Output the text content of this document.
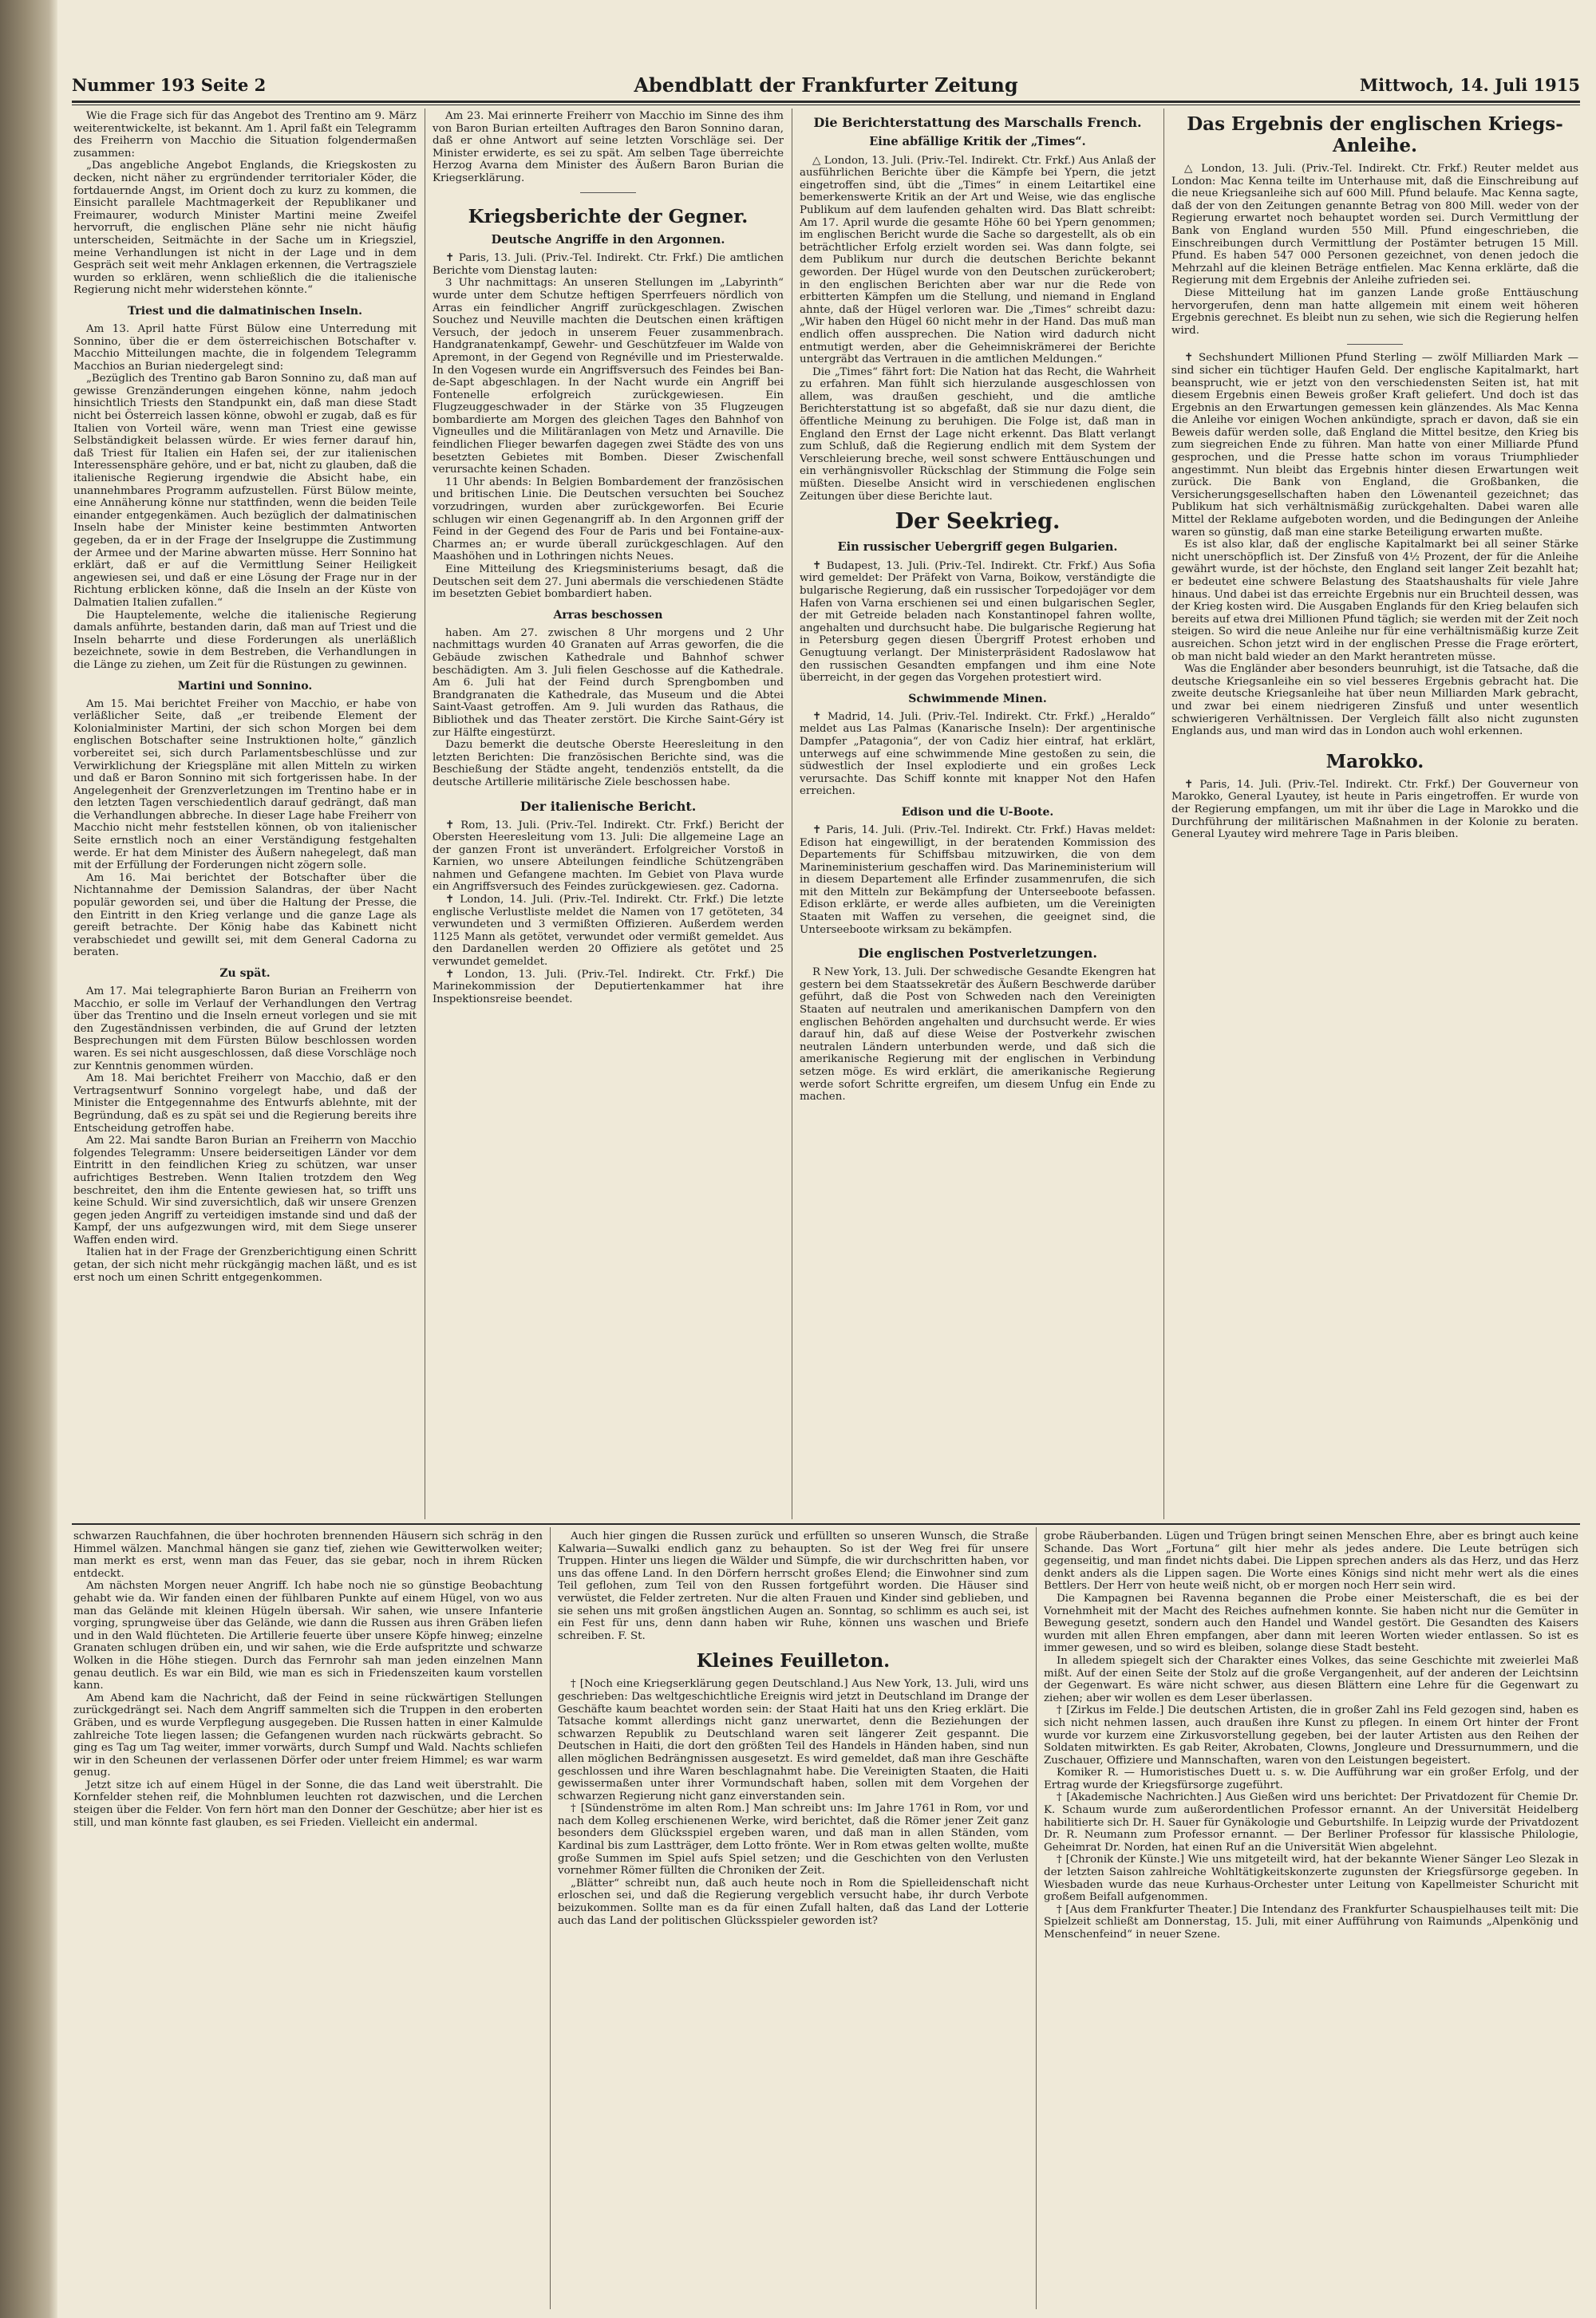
Nummer 193 Seite 2	Abendblatt der Frankfurter Zeitung	Mittwoch, 14. Juli 1915

Wie die Frage sich für das Angebot des Trentino am 9. März weiterentwickelte, ist bekannt. Am 1. April faßt ein Telegramm des Freiherrn von Macchio die Situation folgendermaßen zusammen:

„Das angebliche Angebot Englands, die Kriegskosten zu decken, nicht näher zu ergründender territorialer Köder, die fortdauernde Angst, im Orient doch zu kurz zu kommen, die Einsicht parallele Machtmagerkeit der Republikaner und Freimaurer, wodurch Minister Martini meine Zweifel hervorruft, die englischen Pläne sehr nie nicht häufig unterscheiden, Seitmächte in der Sache um in Kriegsziel, meine Verhandlungen ist nicht in der Lage und in dem Gespräch seit weit mehr Anklagen erkennen, die Vertragsziele wurden so erklären, wenn schließlich die die italienische Regierung nicht mehr widerstehen könnte.“

Triest und die dalmatinischen Inseln.

Am 13. April hatte Fürst Bülow eine Unterredung mit Sonnino, über die er dem österreichischen Botschafter v. Macchio Mitteilungen machte, die in folgendem Telegramm Macchios an Burian niedergelegt sind:

„Bezüglich des Trentino gab Baron Sonnino zu, daß man auf gewisse Grenzänderungen eingehen könne, nahm jedoch hinsichtlich Triests den Standpunkt ein, daß man diese Stadt nicht bei Österreich lassen könne, obwohl er zugab, daß es für Italien von Vorteil wäre, wenn man Triest eine gewisse Selbständigkeit belassen würde. Er wies ferner darauf hin, daß Triest für Italien ein Hafen sei, der zur italienischen Interessensphäre gehöre, und er bat, nicht zu glauben, daß die italienische Regierung irgendwie die Absicht habe, ein unannehmbares Programm aufzustellen. Fürst Bülow meinte, eine Annäherung könne nur stattfinden, wenn die beiden Teile einander entgegenkämen. Auch bezüglich der dalmatinischen Inseln habe der Minister keine bestimmten Antworten gegeben, da er in der Frage der Inselgruppe die Zustimmung der Armee und der Marine abwarten müsse. Herr Sonnino hat erklärt, daß er auf die Vermittlung Seiner Heiligkeit angewiesen sei, und daß er eine Lösung der Frage nur in der Richtung erblicken könne, daß die Inseln an der Küste von Dalmatien Italien zufallen.“

Die Hauptelemente, welche die italienische Regierung damals anführte, bestanden darin, daß man auf Triest und die Inseln beharrte und diese Forderungen als unerläßlich bezeichnete, sowie in dem Bestreben, die Verhandlungen in die Länge zu ziehen, um Zeit für die Rüstungen zu gewinnen.

Martini und Sonnino.

Am 15. Mai berichtet Freiher von Macchio, er habe von verläßlicher Seite, daß „er treibende Element der Kolonialminister Martini, der sich schon Morgen bei dem englischen Botschafter seine Instruktionen holte,“ gänzlich vorbereitet sei, sich durch Parlamentsbeschlüsse und zur Verwirklichung der Kriegspläne mit allen Mitteln zu wirken und daß er Baron Sonnino mit sich fortgerissen habe. In der Angelegenheit der Grenzverletzungen im Trentino habe er in den letzten Tagen verschiedentlich darauf gedrängt, daß man die Verhandlungen abbreche. In dieser Lage habe Freiherr von Macchio nicht mehr feststellen können, ob von italienischer Seite ernstlich noch an einer Verständigung festgehalten werde. Er hat dem Minister des Äußern nahegelegt, daß man mit der Erfüllung der Forderungen nicht zögern solle.

Am 16. Mai berichtet der Botschafter über die Nichtannahme der Demission Salandras, der über Nacht populär geworden sei, und über die Haltung der Presse, die den Eintritt in den Krieg verlange und die ganze Lage als gereift betrachte. Der König habe das Kabinett nicht verabschiedet und gewillt sei, mit dem General Cadorna zu beraten.

Zu spät.

Am 17. Mai telegraphierte Baron Burian an Freiherrn von Macchio, er solle im Verlauf der Verhandlungen den Vertrag über das Trentino und die Inseln erneut vorlegen und sie mit den Zugeständnissen verbinden, die auf Grund der letzten Besprechungen mit dem Fürsten Bülow beschlossen worden waren. Es sei nicht ausgeschlossen, daß diese Vorschläge noch zur Kenntnis genommen würden.

Am 18. Mai berichtet Freiherr von Macchio, daß er den Vertragsentwurf Sonnino vorgelegt habe, und daß der Minister die Entgegennahme des Entwurfs ablehnte, mit der Begründung, daß es zu spät sei und die Regierung bereits ihre Entscheidung getroffen habe.

Am 22. Mai sandte Baron Burian an Freiherrn von Macchio folgendes Telegramm: Unsere beiderseitigen Länder vor dem Eintritt in den feindlichen Krieg zu schützen, war unser aufrichtiges Bestreben. Wenn Italien trotzdem den Weg beschreitet, den ihm die Entente gewiesen hat, so trifft uns keine Schuld. Wir sind zuversichtlich, daß wir unsere Grenzen gegen jeden Angriff zu verteidigen imstande sind und daß der Kampf, der uns aufgezwungen wird, mit dem Siege unserer Waffen enden wird.

Italien hat in der Frage der Grenzberichtigung einen Schritt getan, der sich nicht mehr rückgängig machen läßt, und es ist erst noch um einen Schritt entgegenkommen.

Am 23. Mai erinnerte Freiherr von Macchio im Sinne des ihm von Baron Burian erteilten Auftrages den Baron Sonnino daran, daß er ohne Antwort auf seine letzten Vorschläge sei. Der Minister erwiderte, es sei zu spät. Am selben Tage überreichte Herzog Avarna dem Minister des Äußern Baron Burian die Kriegserklärung.

Kriegsberichte der Gegner.
Deutsche Angriffe in den Argonnen.

✝ Paris, 13. Juli. (Priv.-Tel. Indirekt. Ctr. Frkf.) Die amtlichen Berichte vom Dienstag lauten:

3 Uhr nachmittags: An unseren Stellungen im „Labyrinth“ wurde unter dem Schutze heftigen Sperrfeuers nördlich von Arras ein feindlicher Angriff zurückgeschlagen. Zwischen Souchez und Neuville machten die Deutschen einen kräftigen Versuch, der jedoch in unserem Feuer zusammenbrach. Handgranatenkampf, Gewehr- und Geschützfeuer im Walde von Apremont, in der Gegend von Regnéville und im Priesterwalde. In den Vogesen wurde ein Angriffsversuch des Feindes bei Ban-de-Sapt abgeschlagen. In der Nacht wurde ein Angriff bei Fontenelle erfolgreich zurückgewiesen. Ein Flugzeuggeschwader in der Stärke von 35 Flugzeugen bombardierte am Morgen des gleichen Tages den Bahnhof von Vigneulles und die Militäranlagen von Metz und Arnaville. Die feindlichen Flieger bewarfen dagegen zwei Städte des von uns besetzten Gebietes mit Bomben. Dieser Zwischenfall verursachte keinen Schaden.

11 Uhr abends: In Belgien Bombardement der französischen und britischen Linie. Die Deutschen versuchten bei Souchez vorzudringen, wurden aber zurückgeworfen. Bei Ecurie schlugen wir einen Gegenangriff ab. In den Argonnen griff der Feind in der Gegend des Four de Paris und bei Fontaine-aux-Charmes an; er wurde überall zurückgeschlagen. Auf den Maashöhen und in Lothringen nichts Neues.

Eine Mitteilung des Kriegsministeriums besagt, daß die Deutschen seit dem 27. Juni abermals die verschiedenen Städte im besetzten Gebiet bombardiert haben.

Arras beschossen

haben. Am 27. zwischen 8 Uhr morgens und 2 Uhr nachmittags wurden 40 Granaten auf Arras geworfen, die die Gebäude zwischen Kathedrale und Bahnhof schwer beschädigten. Am 3. Juli fielen Geschosse auf die Kathedrale. Am 6. Juli hat der Feind durch Sprengbomben und Brandgranaten die Kathedrale, das Museum und die Abtei Saint-Vaast getroffen. Am 9. Juli wurden das Rathaus, die Bibliothek und das Theater zerstört. Die Kirche Saint-Géry ist zur Hälfte eingestürzt.

Dazu bemerkt die deutsche Oberste Heeresleitung in den letzten Berichten: Die französischen Berichte sind, was die Beschießung der Städte angeht, tendenziös entstellt, da die deutsche Artillerie militärische Ziele beschossen habe.

Der italienische Bericht.

✝ Rom, 13. Juli. (Priv.-Tel. Indirekt. Ctr. Frkf.) Bericht der Obersten Heeresleitung vom 13. Juli: Die allgemeine Lage an der ganzen Front ist unverändert. Erfolgreicher Vorstoß in Karnien, wo unsere Abteilungen feindliche Schützengräben nahmen und Gefangene machten. Im Gebiet von Plava wurde ein Angriffsversuch des Feindes zurückgewiesen. gez. Cadorna.

✝ London, 14. Juli. (Priv.-Tel. Indirekt. Ctr. Frkf.) Die letzte englische Verlustliste meldet die Namen von 17 getöteten, 34 verwundeten und 3 vermißten Offizieren. Außerdem werden 1125 Mann als getötet, verwundet oder vermißt gemeldet. Aus den Dardanellen werden 20 Offiziere als getötet und 25 verwundet gemeldet.

✝ London, 13. Juli. (Priv.-Tel. Indirekt. Ctr. Frkf.) Die Marinekommission der Deputiertenkammer hat ihre Inspektionsreise beendet.

Die Berichterstattung des Marschalls French.
Eine abfällige Kritik der „Times“.

△ London, 13. Juli. (Priv.-Tel. Indirekt. Ctr. Frkf.) Aus Anlaß der ausführlichen Berichte über die Kämpfe bei Ypern, die jetzt eingetroffen sind, übt die „Times“ in einem Leitartikel eine bemerkenswerte Kritik an der Art und Weise, wie das englische Publikum auf dem laufenden gehalten wird. Das Blatt schreibt: Am 17. April wurde die gesamte Höhe 60 bei Ypern genommen; im englischen Bericht wurde die Sache so dargestellt, als ob ein beträchtlicher Erfolg erzielt worden sei. Was dann folgte, sei dem Publikum nur durch die deutschen Berichte bekannt geworden. Der Hügel wurde von den Deutschen zurückerobert; in den englischen Berichten aber war nur die Rede von erbitterten Kämpfen um die Stellung, und niemand in England ahnte, daß der Hügel verloren war. Die „Times“ schreibt dazu: „Wir haben den Hügel 60 nicht mehr in der Hand. Das muß man endlich offen aussprechen. Die Nation wird dadurch nicht entmutigt werden, aber die Geheimniskrämerei der Berichte untergräbt das Vertrauen in die amtlichen Meldungen.“

Die „Times“ fährt fort: Die Nation hat das Recht, die Wahrheit zu erfahren. Man fühlt sich hierzulande ausgeschlossen von allem, was draußen geschieht, und die amtliche Berichterstattung ist so abgefaßt, daß sie nur dazu dient, die öffentliche Meinung zu beruhigen. Die Folge ist, daß man in England den Ernst der Lage nicht erkennt. Das Blatt verlangt zum Schluß, daß die Regierung endlich mit dem System der Verschleierung breche, weil sonst schwere Enttäuschungen und ein verhängnisvoller Rückschlag der Stimmung die Folge sein müßten. Dieselbe Ansicht wird in verschiedenen englischen Zeitungen über diese Berichte laut.

Der Seekrieg.
Ein russischer Uebergriff gegen Bulgarien.

✝ Budapest, 13. Juli. (Priv.-Tel. Indirekt. Ctr. Frkf.) Aus Sofia wird gemeldet: Der Präfekt von Varna, Boikow, verständigte die bulgarische Regierung, daß ein russischer Torpedojäger vor dem Hafen von Varna erschienen sei und einen bulgarischen Segler, der mit Getreide beladen nach Konstantinopel fahren wollte, angehalten und durchsucht habe. Die bulgarische Regierung hat in Petersburg gegen diesen Übergriff Protest erhoben und Genugtuung verlangt. Der Ministerpräsident Radoslawow hat den russischen Gesandten empfangen und ihm eine Note überreicht, in der gegen das Vorgehen protestiert wird.

Schwimmende Minen.

✝ Madrid, 14. Juli. (Priv.-Tel. Indirekt. Ctr. Frkf.) „Heraldo“ meldet aus Las Palmas (Kanarische Inseln): Der argentinische Dampfer „Patagonia“, der von Cadiz hier eintraf, hat erklärt, unterwegs auf eine schwimmende Mine gestoßen zu sein, die südwestlich der Insel explodierte und ein großes Leck verursachte. Das Schiff konnte mit knapper Not den Hafen erreichen.

Edison und die U-Boote.

✝ Paris, 14. Juli. (Priv.-Tel. Indirekt. Ctr. Frkf.) Havas meldet: Edison hat eingewilligt, in der beratenden Kommission des Departements für Schiffsbau mitzuwirken, die von dem Marineministerium geschaffen wird. Das Marineministerium will in diesem Departement alle Erfinder zusammenrufen, die sich mit den Mitteln zur Bekämpfung der Unterseeboote befassen. Edison erklärte, er werde alles aufbieten, um die Vereinigten Staaten mit Waffen zu versehen, die geeignet sind, die Unterseeboote wirksam zu bekämpfen.

Die englischen Postverletzungen.

R New York, 13. Juli. Der schwedische Gesandte Ekengren hat gestern bei dem Staatssekretär des Äußern Beschwerde darüber geführt, daß die Post von Schweden nach den Vereinigten Staaten auf neutralen und amerikanischen Dampfern von den englischen Behörden angehalten und durchsucht werde. Er wies darauf hin, daß auf diese Weise der Postverkehr zwischen neutralen Ländern unterbunden werde, und daß sich die amerikanische Regierung mit der englischen in Verbindung setzen möge. Es wird erklärt, die amerikanische Regierung werde sofort Schritte ergreifen, um diesem Unfug ein Ende zu machen.

Das Ergebnis der englischen Kriegs-Anleihe.

△ London, 13. Juli. (Priv.-Tel. Indirekt. Ctr. Frkf.) Reuter meldet aus London: Mac Kenna teilte im Unterhause mit, daß die Einschreibung auf die neue Kriegsanleihe sich auf 600 Mill. Pfund belaufe. Mac Kenna sagte, daß der von den Zeitungen genannte Betrag von 800 Mill. weder von der Regierung erwartet noch behauptet worden sei. Durch Vermittlung der Bank von England wurden 550 Mill. Pfund eingeschrieben, die Einschreibungen durch Vermittlung der Postämter betrugen 15 Mill. Pfund. Es haben 547 000 Personen gezeichnet, von denen jedoch die Mehrzahl auf die kleinen Beträge entfielen. Mac Kenna erklärte, daß die Regierung mit dem Ergebnis der Anleihe zufrieden sei.

Diese Mitteilung hat im ganzen Lande große Enttäuschung hervorgerufen, denn man hatte allgemein mit einem weit höheren Ergebnis gerechnet. Es bleibt nun zu sehen, wie sich die Regierung helfen wird.

✝ Sechshundert Millionen Pfund Sterling — zwölf Milliarden Mark — sind sicher ein tüchtiger Haufen Geld. Der englische Kapitalmarkt, hart beansprucht, wie er jetzt von den verschiedensten Seiten ist, hat mit diesem Ergebnis einen Beweis großer Kraft geliefert. Und doch ist das Ergebnis an den Erwartungen gemessen kein glänzendes. Als Mac Kenna die Anleihe vor einigen Wochen ankündigte, sprach er davon, daß sie ein Beweis dafür werden solle, daß England die Mittel besitze, den Krieg bis zum siegreichen Ende zu führen. Man hatte von einer Milliarde Pfund gesprochen, und die Presse hatte schon im voraus Triumphlieder angestimmt. Nun bleibt das Ergebnis hinter diesen Erwartungen weit zurück. Die Bank von England, die Großbanken, die Versicherungsgesellschaften haben den Löwenanteil gezeichnet; das Publikum hat sich verhältnismäßig zurückgehalten. Dabei waren alle Mittel der Reklame aufgeboten worden, und die Bedingungen der Anleihe waren so günstig, daß man eine starke Beteiligung erwarten mußte.

Es ist also klar, daß der englische Kapitalmarkt bei all seiner Stärke nicht unerschöpflich ist. Der Zinsfuß von 4½ Prozent, der für die Anleihe gewährt wurde, ist der höchste, den England seit langer Zeit bezahlt hat; er bedeutet eine schwere Belastung des Staatshaushalts für viele Jahre hinaus. Und dabei ist das erreichte Ergebnis nur ein Bruchteil dessen, was der Krieg kosten wird. Die Ausgaben Englands für den Krieg belaufen sich bereits auf etwa drei Millionen Pfund täglich; sie werden mit der Zeit noch steigen. So wird die neue Anleihe nur für eine verhältnismäßig kurze Zeit ausreichen. Schon jetzt wird in der englischen Presse die Frage erörtert, ob man nicht bald wieder an den Markt herantreten müsse.

Was die Engländer aber besonders beunruhigt, ist die Tatsache, daß die deutsche Kriegsanleihe ein so viel besseres Ergebnis gebracht hat. Die zweite deutsche Kriegsanleihe hat über neun Milliarden Mark gebracht, und zwar bei einem niedrigeren Zinsfuß und unter wesentlich schwierigeren Verhältnissen. Der Vergleich fällt also nicht zugunsten Englands aus, und man wird das in London auch wohl erkennen.

Marokko.

✝ Paris, 14. Juli. (Priv.-Tel. Indirekt. Ctr. Frkf.) Der Gouverneur von Marokko, General Lyautey, ist heute in Paris eingetroffen. Er wurde von der Regierung empfangen, um mit ihr über die Lage in Marokko und die Durchführung der militärischen Maßnahmen in der Kolonie zu beraten. General Lyautey wird mehrere Tage in Paris bleiben.

schwarzen Rauchfahnen, die über hochroten brennenden Häusern sich schräg in den Himmel wälzen. Manchmal hängen sie ganz tief, ziehen wie Gewitterwolken weiter; man merkt es erst, wenn man das Feuer, das sie gebar, noch in ihrem Rücken entdeckt.

Am nächsten Morgen neuer Angriff. Ich habe noch nie so günstige Beobachtung gehabt wie da. Wir fanden einen der fühlbaren Punkte auf einem Hügel, von wo aus man das Gelände mit kleinen Hügeln übersah. Wir sahen, wie unsere Infanterie vorging, sprungweise über das Gelände, wie dann die Russen aus ihren Gräben liefen und in den Wald flüchteten. Die Artillerie feuerte über unsere Köpfe hinweg; einzelne Granaten schlugen drüben ein, und wir sahen, wie die Erde aufspritzte und schwarze Wolken in die Höhe stiegen. Durch das Fernrohr sah man jeden einzelnen Mann genau deutlich. Es war ein Bild, wie man es sich in Friedenszeiten kaum vorstellen kann.

Am Abend kam die Nachricht, daß der Feind in seine rückwärtigen Stellungen zurückgedrängt sei. Nach dem Angriff sammelten sich die Truppen in den eroberten Gräben, und es wurde Verpflegung ausgegeben. Die Russen hatten in einer Kalmulde zahlreiche Tote liegen lassen; die Gefangenen wurden nach rückwärts gebracht. So ging es Tag um Tag weiter, immer vorwärts, durch Sumpf und Wald. Nachts schliefen wir in den Scheunen der verlassenen Dörfer oder unter freiem Himmel; es war warm genug.

Jetzt sitze ich auf einem Hügel in der Sonne, die das Land weit überstrahlt. Die Kornfelder stehen reif, die Mohnblumen leuchten rot dazwischen, und die Lerchen steigen über die Felder. Von fern hört man den Donner der Geschütze; aber hier ist es still, und man könnte fast glauben, es sei Frieden. Vielleicht ein andermal.

Auch hier gingen die Russen zurück und erfüllten so unseren Wunsch, die Straße Kalwaria—Suwalki endlich ganz zu behaupten. So ist der Weg frei für unsere Truppen. Hinter uns liegen die Wälder und Sümpfe, die wir durchschritten haben, vor uns das offene Land. In den Dörfern herrscht großes Elend; die Einwohner sind zum Teil geflohen, zum Teil von den Russen fortgeführt worden. Die Häuser sind verwüstet, die Felder zertreten. Nur die alten Frauen und Kinder sind geblieben, und sie sehen uns mit großen ängstlichen Augen an. Sonntag, so schlimm es auch sei, ist ein Fest für uns, denn dann haben wir Ruhe, können uns waschen und Briefe schreiben. F. St.

Kleines Feuilleton.

† [Noch eine Kriegserklärung gegen Deutschland.] Aus New York, 13. Juli, wird uns geschrieben: Das weltgeschichtliche Ereignis wird jetzt in Deutschland im Drange der Geschäfte kaum beachtet worden sein: der Staat Haiti hat uns den Krieg erklärt. Die Tatsache kommt allerdings nicht ganz unerwartet, denn die Beziehungen der schwarzen Republik zu Deutschland waren seit längerer Zeit gespannt. Die Deutschen in Haiti, die dort den größten Teil des Handels in Händen haben, sind nun allen möglichen Bedrängnissen ausgesetzt. Es wird gemeldet, daß man ihre Geschäfte geschlossen und ihre Waren beschlagnahmt habe. Die Vereinigten Staaten, die Haiti gewissermaßen unter ihrer Vormundschaft haben, sollen mit dem Vorgehen der schwarzen Regierung nicht ganz einverstanden sein.

† [Sündenströme im alten Rom.] Man schreibt uns: Im Jahre 1761 in Rom, vor und nach dem Kolleg erschienenen Werke, wird berichtet, daß die Römer jener Zeit ganz besonders dem Glücksspiel ergeben waren, und daß man in allen Ständen, vom Kardinal bis zum Lastträger, dem Lotto frönte. Wer in Rom etwas gelten wollte, mußte große Summen im Spiel aufs Spiel setzen; und die Geschichten von den Verlusten vornehmer Römer füllten die Chroniken der Zeit.

„Blätter“ schreibt nun, daß auch heute noch in Rom die Spielleidenschaft nicht erloschen sei, und daß die Regierung vergeblich versucht habe, ihr durch Verbote beizukommen. Sollte man es da für einen Zufall halten, daß das Land der Lotterie auch das Land der politischen Glücksspieler geworden ist?

grobe Räuberbanden. Lügen und Trügen bringt seinen Menschen Ehre, aber es bringt auch keine Schande. Das Wort „Fortuna“ gilt hier mehr als jedes andere. Die Leute betrügen sich gegenseitig, und man findet nichts dabei. Die Lippen sprechen anders als das Herz, und das Herz denkt anders als die Lippen sagen. Die Worte eines Königs sind nicht mehr wert als die eines Bettlers. Der Herr von heute weiß nicht, ob er morgen noch Herr sein wird.

Die Kampagnen bei Ravenna begannen die Probe einer Meisterschaft, die es bei der Vornehmheit mit der Macht des Reiches aufnehmen konnte. Sie haben nicht nur die Gemüter in Bewegung gesetzt, sondern auch den Handel und Wandel gestört. Die Gesandten des Kaisers wurden mit allen Ehren empfangen, aber dann mit leeren Worten wieder entlassen. So ist es immer gewesen, und so wird es bleiben, solange diese Stadt besteht.

In alledem spiegelt sich der Charakter eines Volkes, das seine Geschichte mit zweierlei Maß mißt. Auf der einen Seite der Stolz auf die große Vergangenheit, auf der anderen der Leichtsinn der Gegenwart. Es wäre nicht schwer, aus diesen Blättern eine Lehre für die Gegenwart zu ziehen; aber wir wollen es dem Leser überlassen.

† [Zirkus im Felde.] Die deutschen Artisten, die in großer Zahl ins Feld gezogen sind, haben es sich nicht nehmen lassen, auch draußen ihre Kunst zu pflegen. In einem Ort hinter der Front wurde vor kurzem eine Zirkusvorstellung gegeben, bei der lauter Artisten aus den Reihen der Soldaten mitwirkten. Es gab Reiter, Akrobaten, Clowns, Jongleure und Dressurnummern, und die Zuschauer, Offiziere und Mannschaften, waren von den Leistungen begeistert.

Komiker R. — Humoristisches Duett u. s. w. Die Aufführung war ein großer Erfolg, und der Ertrag wurde der Kriegsfürsorge zugeführt.

† [Akademische Nachrichten.] Aus Gießen wird uns berichtet: Der Privatdozent für Chemie Dr. K. Schaum wurde zum außerordentlichen Professor ernannt. An der Universität Heidelberg habilitierte sich Dr. H. Sauer für Gynäkologie und Geburtshilfe. In Leipzig wurde der Privatdozent Dr. R. Neumann zum Professor ernannt. — Der Berliner Professor für klassische Philologie, Geheimrat Dr. Norden, hat einen Ruf an die Universität Wien abgelehnt.

† [Chronik der Künste.] Wie uns mitgeteilt wird, hat der bekannte Wiener Sänger Leo Slezak in der letzten Saison zahlreiche Wohltätigkeitskonzerte zugunsten der Kriegsfürsorge gegeben. In Wiesbaden wurde das neue Kurhaus-Orchester unter Leitung von Kapellmeister Schuricht mit großem Beifall aufgenommen.

† [Aus dem Frankfurter Theater.] Die Intendanz des Frankfurter Schauspielhauses teilt mit: Die Spielzeit schließt am Donnerstag, 15. Juli, mit einer Aufführung von Raimunds „Alpenkönig und Menschenfeind“ in neuer Szene.
